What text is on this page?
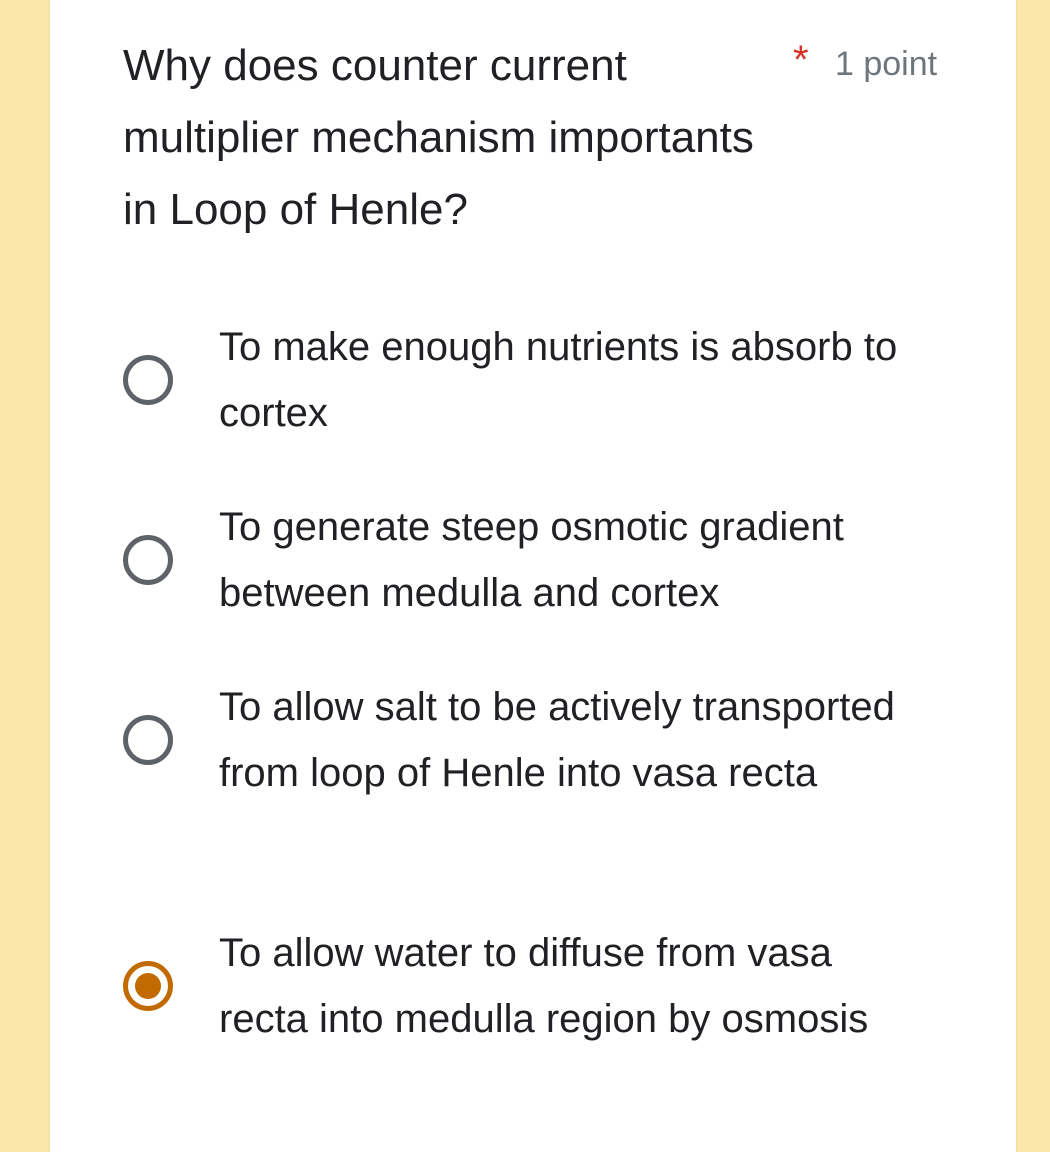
Why does counter current multiplier mechanism importants in Loop of Henle?
* 1 point
To make enough nutrients is absorb to cortex
To generate steep osmotic gradient between medulla and cortex
To allow salt to be actively transported from loop of Henle into vasa recta
To allow water to diffuse from vasa recta into medulla region by osmosis
